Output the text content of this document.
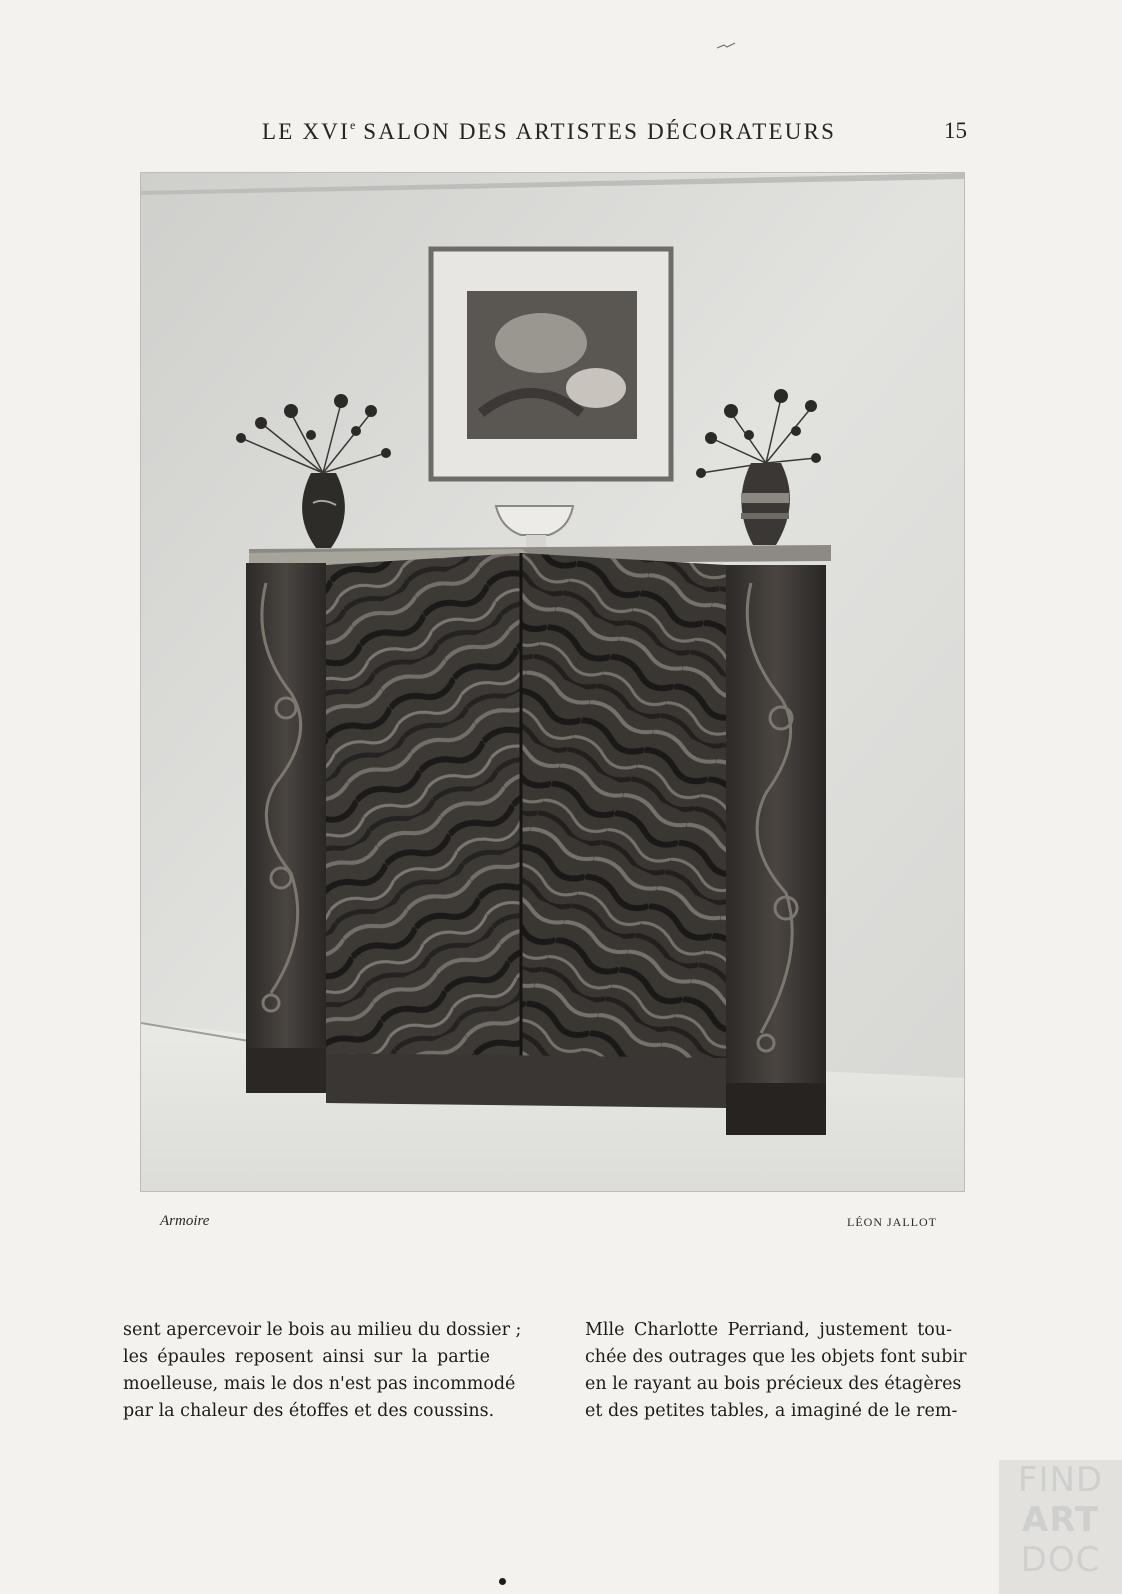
LE XVIe SALON DES ARTISTES DÉCORATEURS	15
Armoire	LÉON JALLOT
sent apercevoir le bois au milieu du dossier ;
les épaules reposent ainsi sur la partie
moelleuse, mais le dos n'est pas incommodé
par la chaleur des étoffes et des coussins.
Mlle Charlotte Perriand, justement tou-
chée des outrages que les objets font subir
en le rayant au bois précieux des étagères
et des petites tables, a imaginé de le rem-
FIND
ART
DOC
